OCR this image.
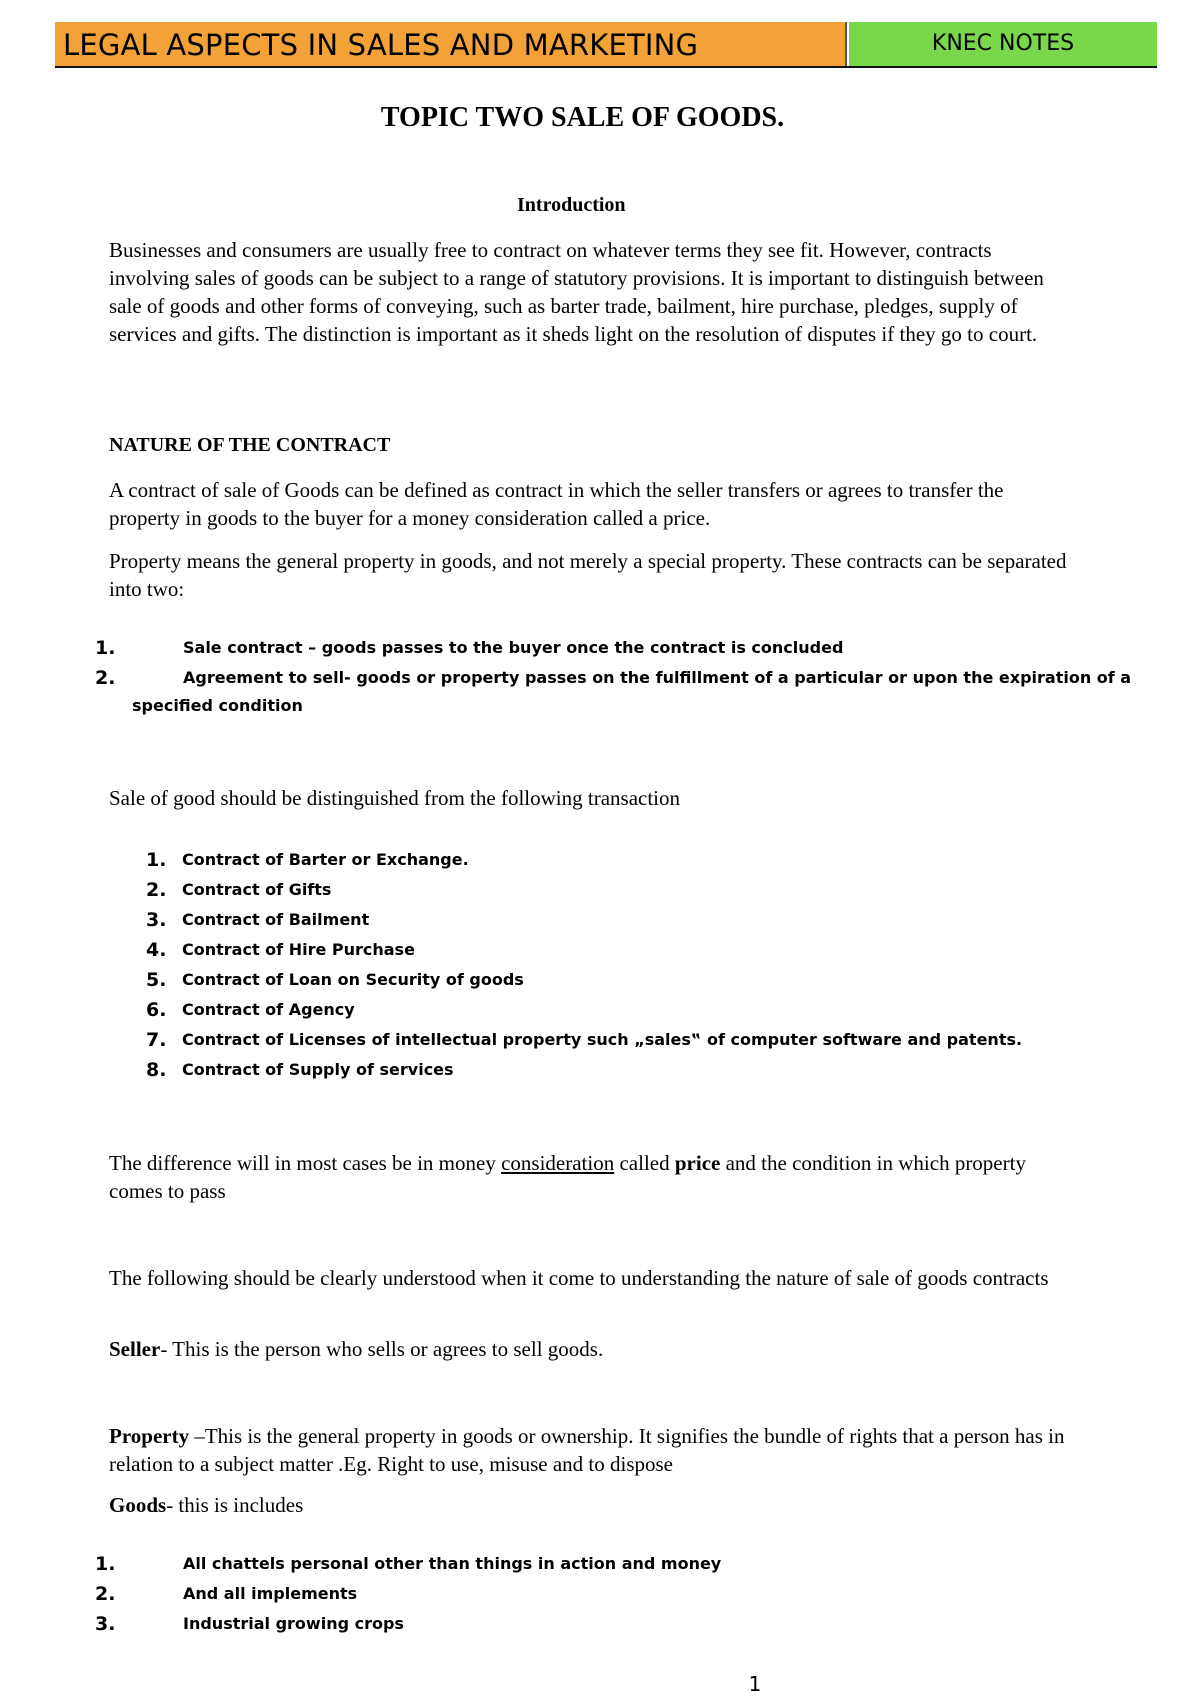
LEGAL ASPECTS IN SALES AND MARKETING	KNEC NOTES
TOPIC TWO SALE OF GOODS.
Introduction
Businesses and consumers are usually free to contract on whatever terms they see fit. However, contracts involving sales of goods can be subject to a range of statutory provisions. It is important to distinguish between sale of goods and other forms of conveying, such as barter trade, bailment, hire purchase, pledges, supply of services and gifts. The distinction is important as it sheds light on the resolution of disputes if they go to court.
NATURE OF THE CONTRACT
A contract of sale of Goods can be defined as contract in which the seller transfers or agrees to transfer the property in goods to the buyer for a money consideration called a price.
Property means the general property in goods, and not merely a special property. These contracts can be separated into two:
1.	Sale contract – goods passes to the buyer once the contract is concluded
2.	Agreement to sell- goods or property passes on the fulfillment of a particular or upon the expiration of a
specified condition
Sale of good should be distinguished from the following transaction
1. Contract of Barter or Exchange.
2. Contract of Gifts
3. Contract of Bailment
4. Contract of Hire Purchase
5. Contract of Loan on Security of goods
6. Contract of Agency
7. Contract of Licenses of intellectual property such „sales‟ of computer software and patents.
8. Contract of Supply of services
The difference will in most cases be in money consideration called price and the condition in which property comes to pass
The following should be clearly understood when it come to understanding the nature of sale of goods contracts
Seller- This is the person who sells or agrees to sell goods.
Property –This is the general property in goods or ownership. It signifies the bundle of rights that a person has in relation to a subject matter .Eg. Right to use, misuse and to dispose
Goods- this is includes
1.	All chattels personal other than things in action and money
2.	And all implements
3.	Industrial growing crops
1
